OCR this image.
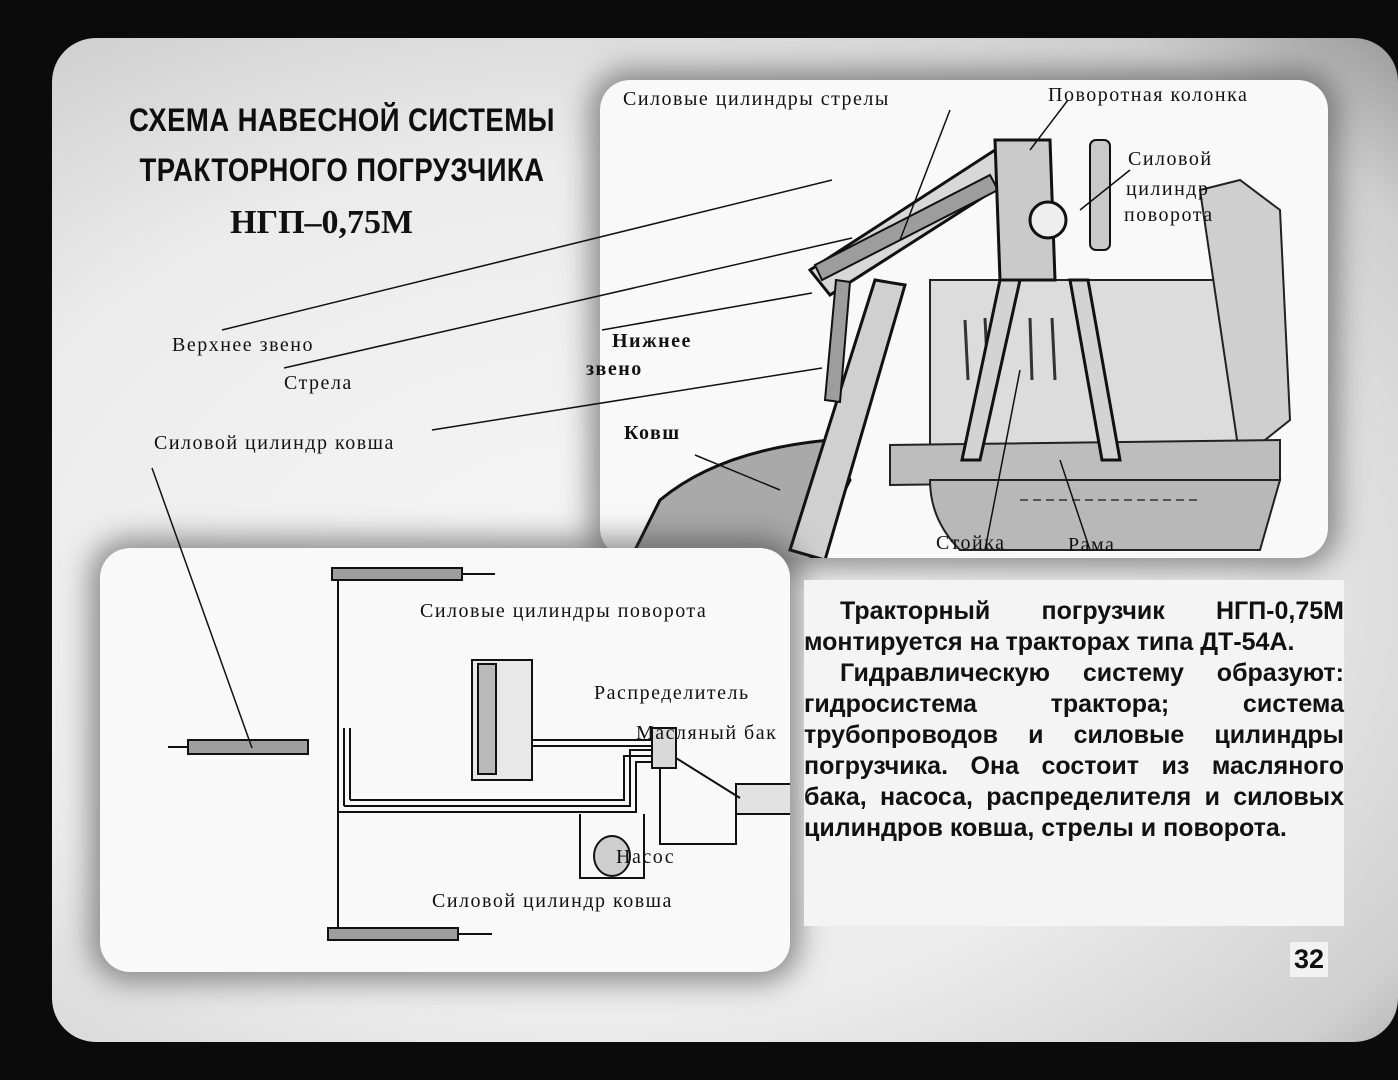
СХЕМА НАВЕСНОЙ СИСТЕМЫ
ТРАКТОРНОГО ПОГРУЗЧИКА
НГП–0,75М
Силовые цилиндры стрелы	Поворотная колонка
Силовой
цилиндр
поворота
Верхнее звено
Стрела
Нижнее
звено
Силовой цилиндр ковша	Ковш
Стойка	Рама
Силовые цилиндры поворота
Распределитель
Масляный бак
Насос
Силовой цилиндр ковша

Тракторный погрузчик НГП-0,75М монтируется на тракторах типа ДТ-54А.

Гидравлическую систему образуют: гидросистема трактора; система трубопроводов и силовые цилиндры погрузчика. Она состоит из масляного бака, насоса, распределителя и силовых цилиндров ковша, стрелы и поворота.

32
